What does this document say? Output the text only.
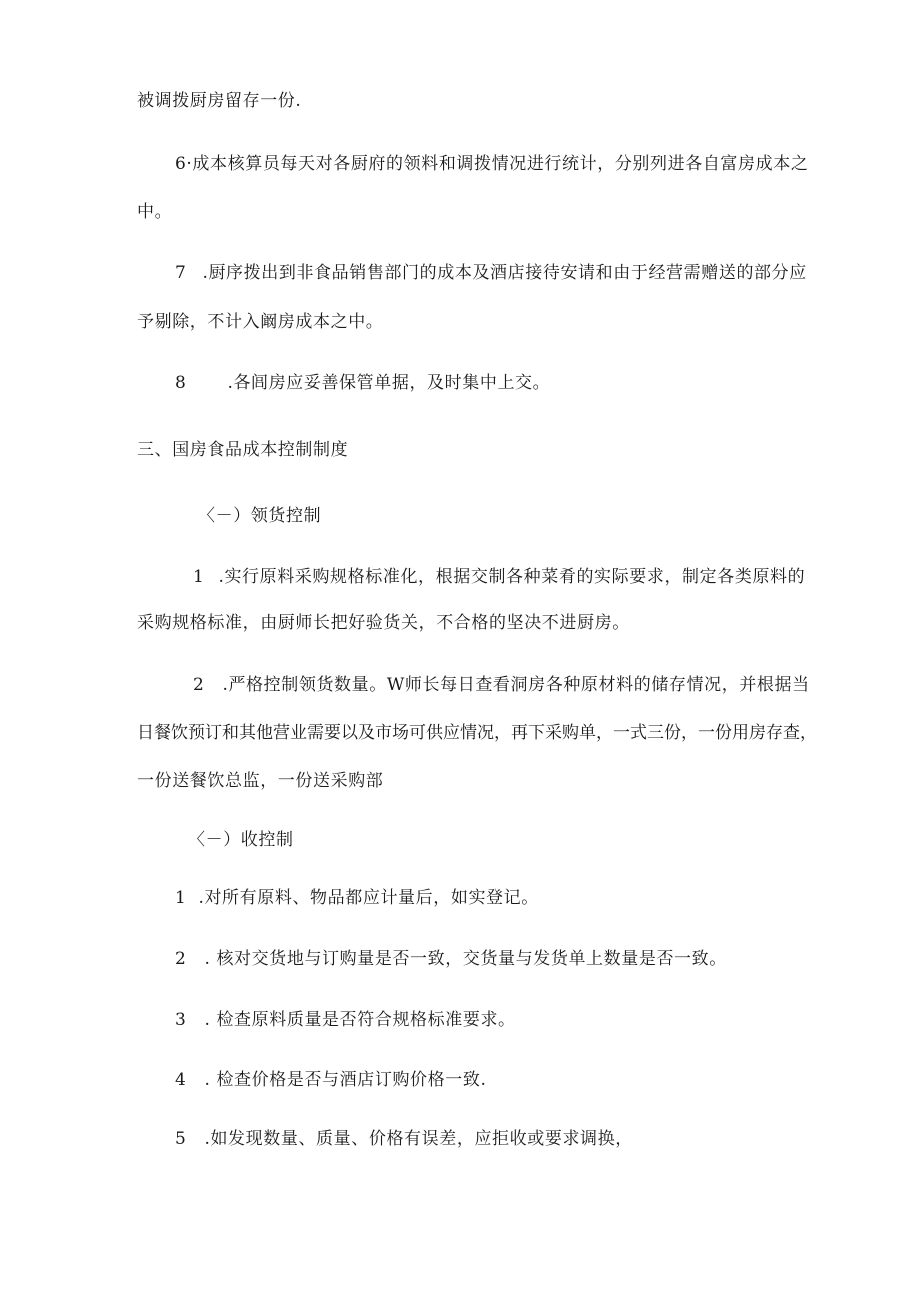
被调拨厨房留存一份.
6·成本核算员每天对各厨府的领料和调拨情况进行统计，分别列进各自富房成本之
中。
7 .厨序拨出到非食品销售部门的成本及酒店接待安请和由于经营需赠送的部分应
予剔除，不计入阚房成本之中。
8 .各闾房应妥善保管单据，及时集中上交。
三、国房食品成本控制制度
〈－）领货控制
1 .实行原料采购规格标准化，根据交制各种菜肴的实际要求，制定各类原料的
采购规格标准，由厨师长把好验货关，不合格的坚决不进厨房。
2 .严格控制领货数量。W师长每日查看洞房各种原材料的储存情况，并根据当
日餐饮预订和其他营业需要以及市场可供应情况，再下采购单，一式三份，一份用房存查，
一份送餐饮总监，一份送采购部
〈－）收控制
1 .对所有原料、物品都应计量后，如实登记。
2 . 核对交货地与订购量是否一致，交货量与发货单上数量是否一致。
3 . 检查原料质量是否符合规格标准要求。
4 . 检查价格是否与酒店订购价格一致.
5 .如发现数量、质量、价格有误差，应拒收或要求调换，
